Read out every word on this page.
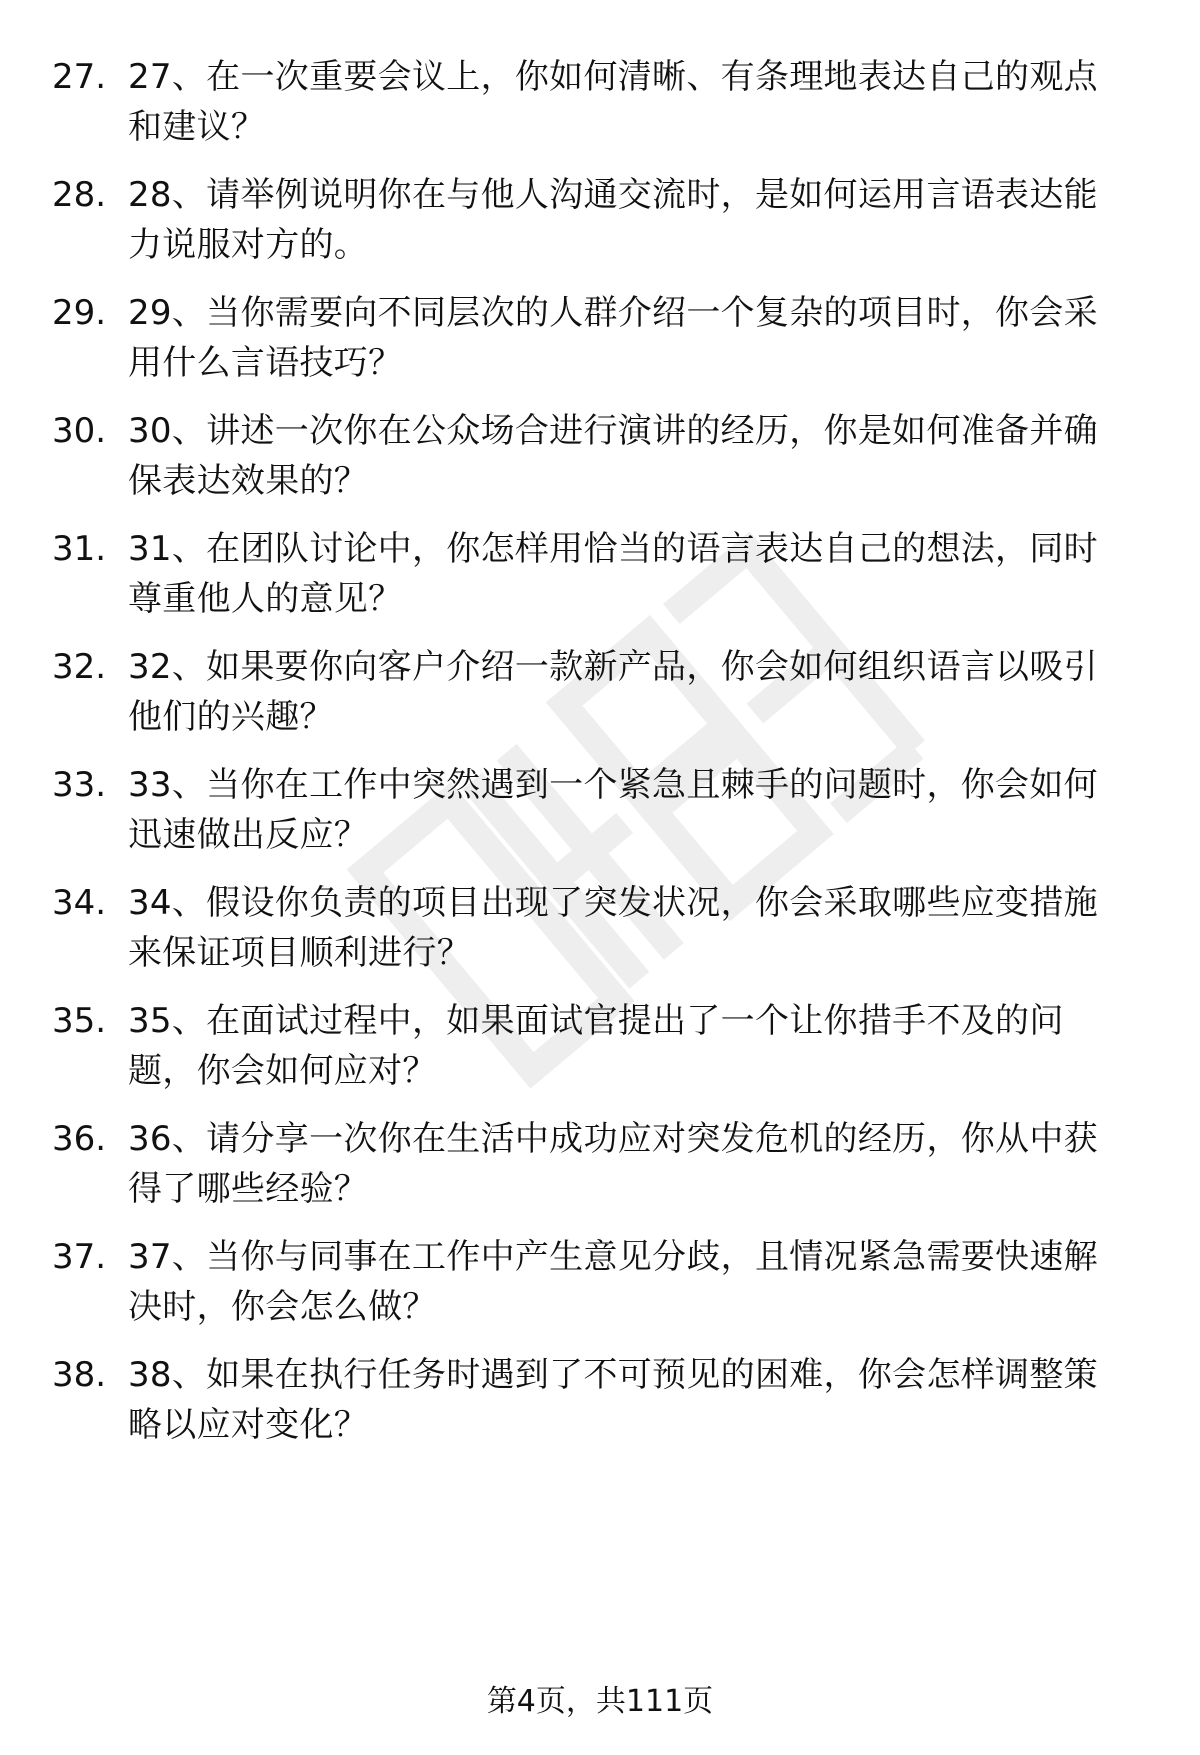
27. 27、在一次重要会议上，你如何清晰、有条理地表达自己的观点
和建议？
28. 28、请举例说明你在与他人沟通交流时，是如何运用言语表达能
力说服对方的。
29. 29、当你需要向不同层次的人群介绍一个复杂的项目时，你会采
用什么言语技巧？
30. 30、讲述一次你在公众场合进行演讲的经历，你是如何准备并确
保表达效果的？
31. 31、在团队讨论中，你怎样用恰当的语言表达自己的想法，同时
尊重他人的意见？
32. 32、如果要你向客户介绍一款新产品，你会如何组织语言以吸引
他们的兴趣？
33. 33、当你在工作中突然遇到一个紧急且棘手的问题时，你会如何
迅速做出反应？
34. 34、假设你负责的项目出现了突发状况，你会采取哪些应变措施
来保证项目顺利进行？
35. 35、在面试过程中，如果面试官提出了一个让你措手不及的问
题，你会如何应对？
36. 36、请分享一次你在生活中成功应对突发危机的经历，你从中获
得了哪些经验？
37. 37、当你与同事在工作中产生意见分歧，且情况紧急需要快速解
决时，你会怎么做？
38. 38、如果在执行任务时遇到了不可预见的困难，你会怎样调整策
略以应对变化？
第4页，共111页
